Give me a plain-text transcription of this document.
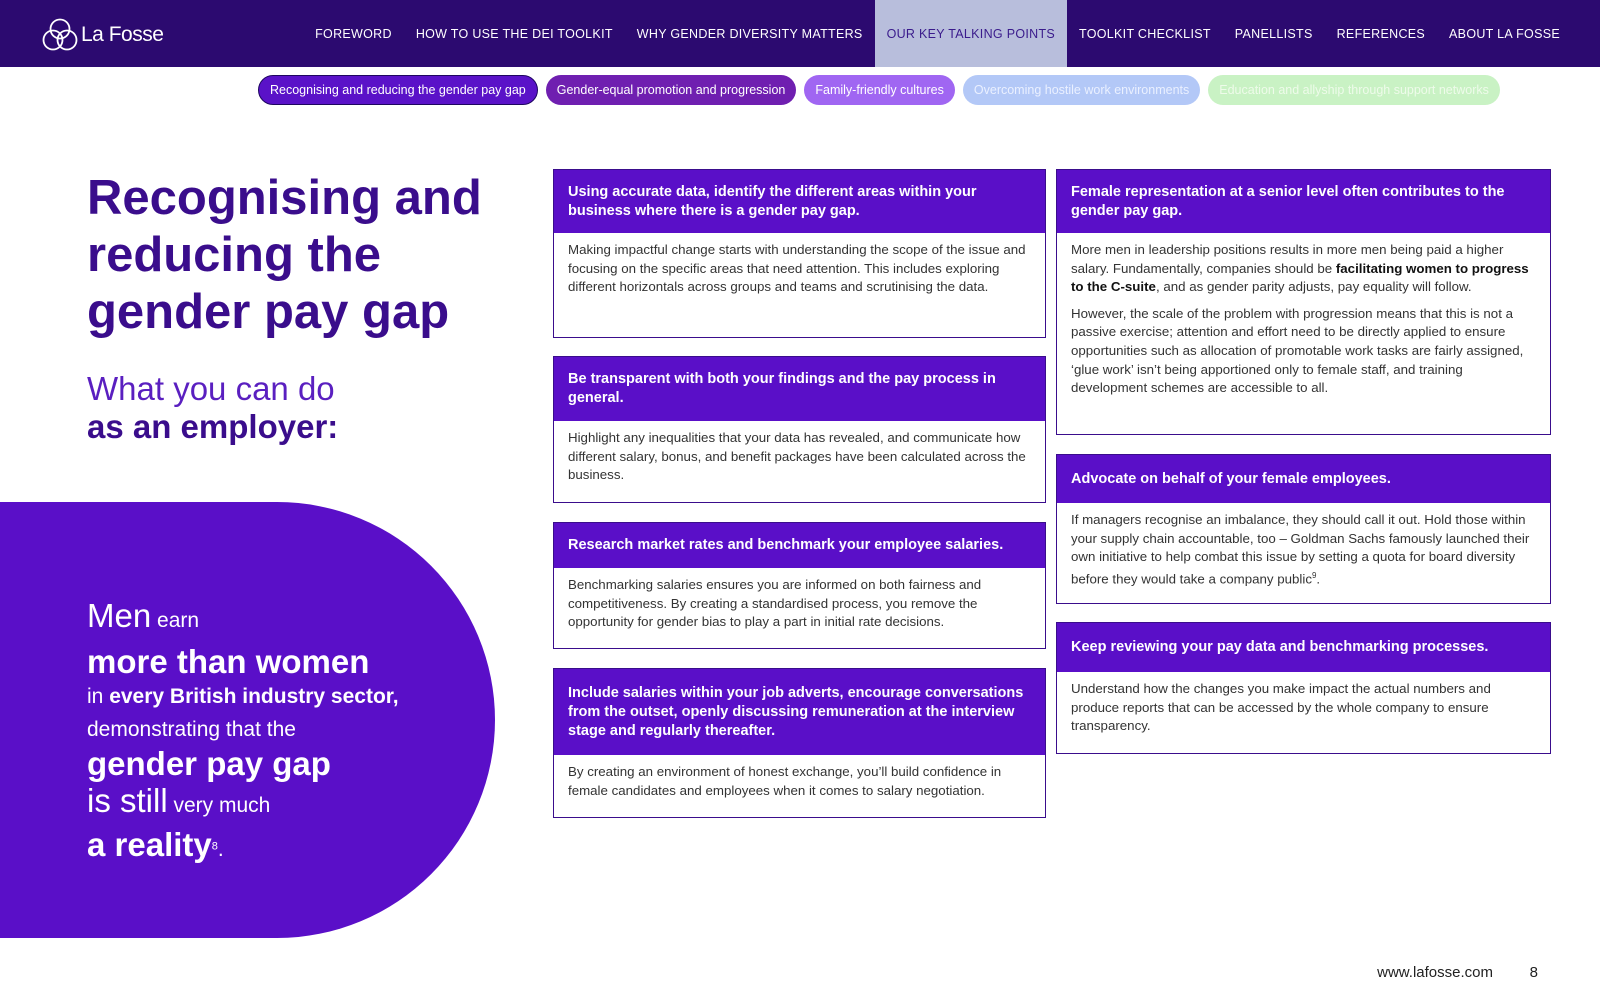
La Fosse	FOREWORD	HOW TO USE THE DEI TOOLKIT	WHY GENDER DIVERSITY MATTERS	OUR KEY TALKING POINTS	TOOLKIT CHECKLIST	PANELLISTS	REFERENCES	ABOUT LA FOSSE
Recognising and reducing the gender pay gap	Gender-equal promotion and progression	Family-friendly cultures	Overcoming hostile work environments	Education and allyship through support networks
Recognising and
reducing the
gender pay gap
What you can do
as an employer:
Men earn
more than women
in every British industry sector,
demonstrating that the
gender pay gap
is still very much
a reality$^8$.
Using accurate data, identify the different areas within your business where there is a gender pay gap.
Making impactful change starts with understanding the scope of the issue and focusing on the specific areas that need attention. This includes exploring different horizontals across groups and teams and scrutinising the data.
Be transparent with both your findings and the pay process in general.
Highlight any inequalities that your data has revealed, and communicate how different salary, bonus, and benefit packages have been calculated across the business.
Research market rates and benchmark your employee salaries.
Benchmarking salaries ensures you are informed on both fairness and competitiveness. By creating a standardised process, you remove the opportunity for gender bias to play a part in initial rate decisions.
Include salaries within your job adverts, encourage conversations from the outset, openly discussing remuneration at the interview stage and regularly thereafter.
By creating an environment of honest exchange, you’ll build confidence in female candidates and employees when it comes to salary negotiation.
Female representation at a senior level often contributes to the gender pay gap.

More men in leadership positions results in more men being paid a higher salary. Fundamentally, companies should be facilitating women to progress to the C-suite, and as gender parity adjusts, pay equality will follow.

However, the scale of the problem with progression means that this is not a passive exercise; attention and effort need to be directly applied to ensure opportunities such as allocation of promotable work tasks are fairly assigned, ‘glue work’ isn’t being apportioned only to female staff, and training development schemes are accessible to all.

Advocate on behalf of your female employees.
If managers recognise an imbalance, they should call it out. Hold those within your supply chain accountable, too – Goldman Sachs famously launched their own initiative to help combat this issue by setting a quota for board diversity before they would take a company public$^9$.
Keep reviewing your pay data and benchmarking processes.
Understand how the changes you make impact the actual numbers and produce reports that can be accessed by the whole company to ensure transparency.
www.lafosse.com 8
